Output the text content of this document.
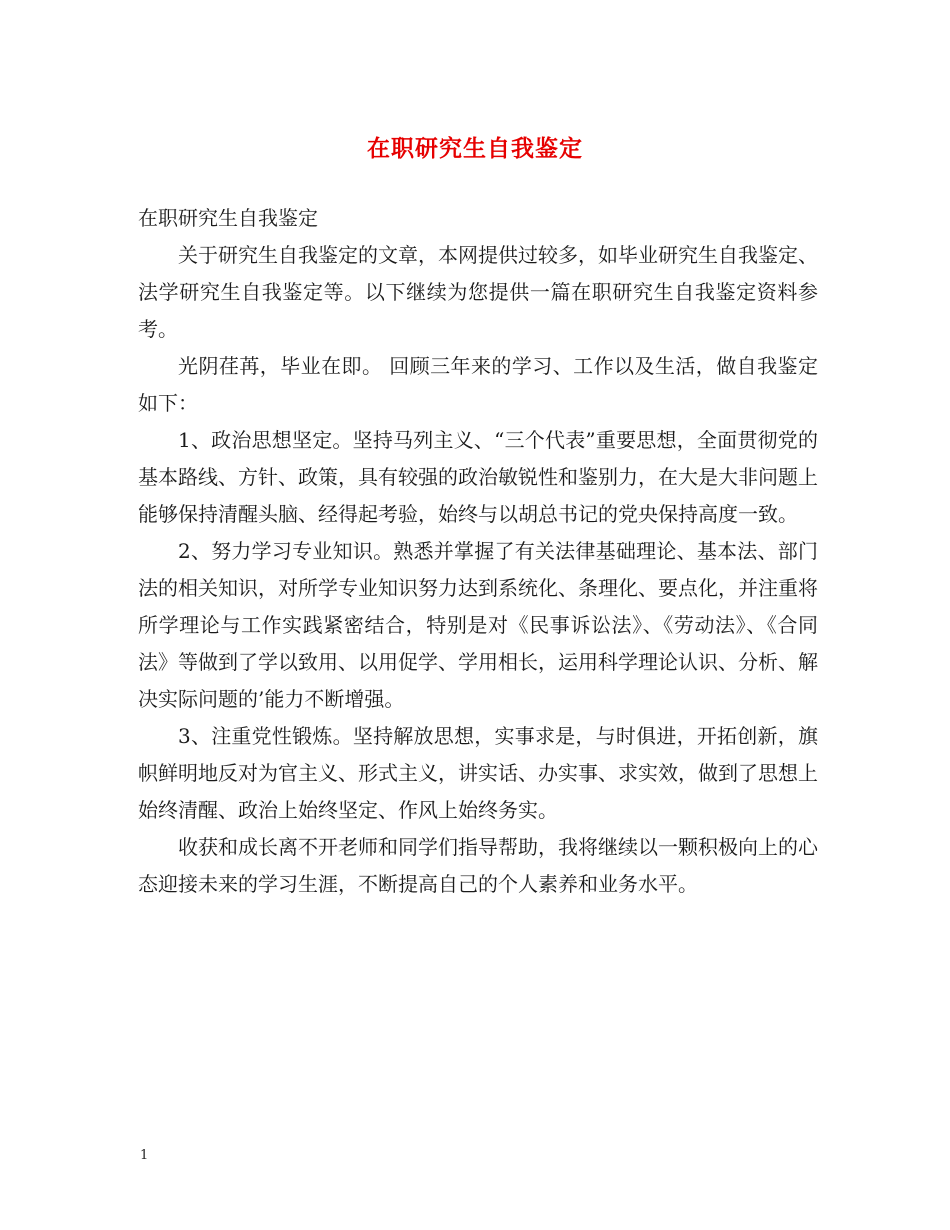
在职研究生自我鉴定

在职研究生自我鉴定

关于研究生自我鉴定的文章，本网提供过较多，如毕业研究生自我鉴定、法学研究生自我鉴定等。以下继续为您提供一篇在职研究生自我鉴定资料参考。

光阴荏苒，毕业在即。 回顾三年来的学习、工作以及生活，做自我鉴定如下：

1、政治思想坚定。坚持马列主义、“三个代表”重要思想，全面贯彻党的基本路线、方针、政策，具有较强的政治敏锐性和鉴别力，在大是大非问题上能够保持清醒头脑、经得起考验，始终与以胡总书记的党央保持高度一致。

2、努力学习专业知识。熟悉并掌握了有关法律基础理论、基本法、部门法的相关知识，对所学专业知识努力达到系统化、条理化、要点化，并注重将所学理论与工作实践紧密结合，特别是对《民事诉讼法》、《劳动法》、《合同法》等做到了学以致用、以用促学、学用相长，运用科学理论认识、分析、解决实际问题的’能力不断增强。

3、注重党性锻炼。坚持解放思想，实事求是，与时俱进，开拓创新，旗帜鲜明地反对为官主义、形式主义，讲实话、办实事、求实效，做到了思想上始终清醒、政治上始终坚定、作风上始终务实。

收获和成长离不开老师和同学们指导帮助，我将继续以一颗积极向上的心态迎接未来的学习生涯，不断提高自己的个人素养和业务水平。

1
